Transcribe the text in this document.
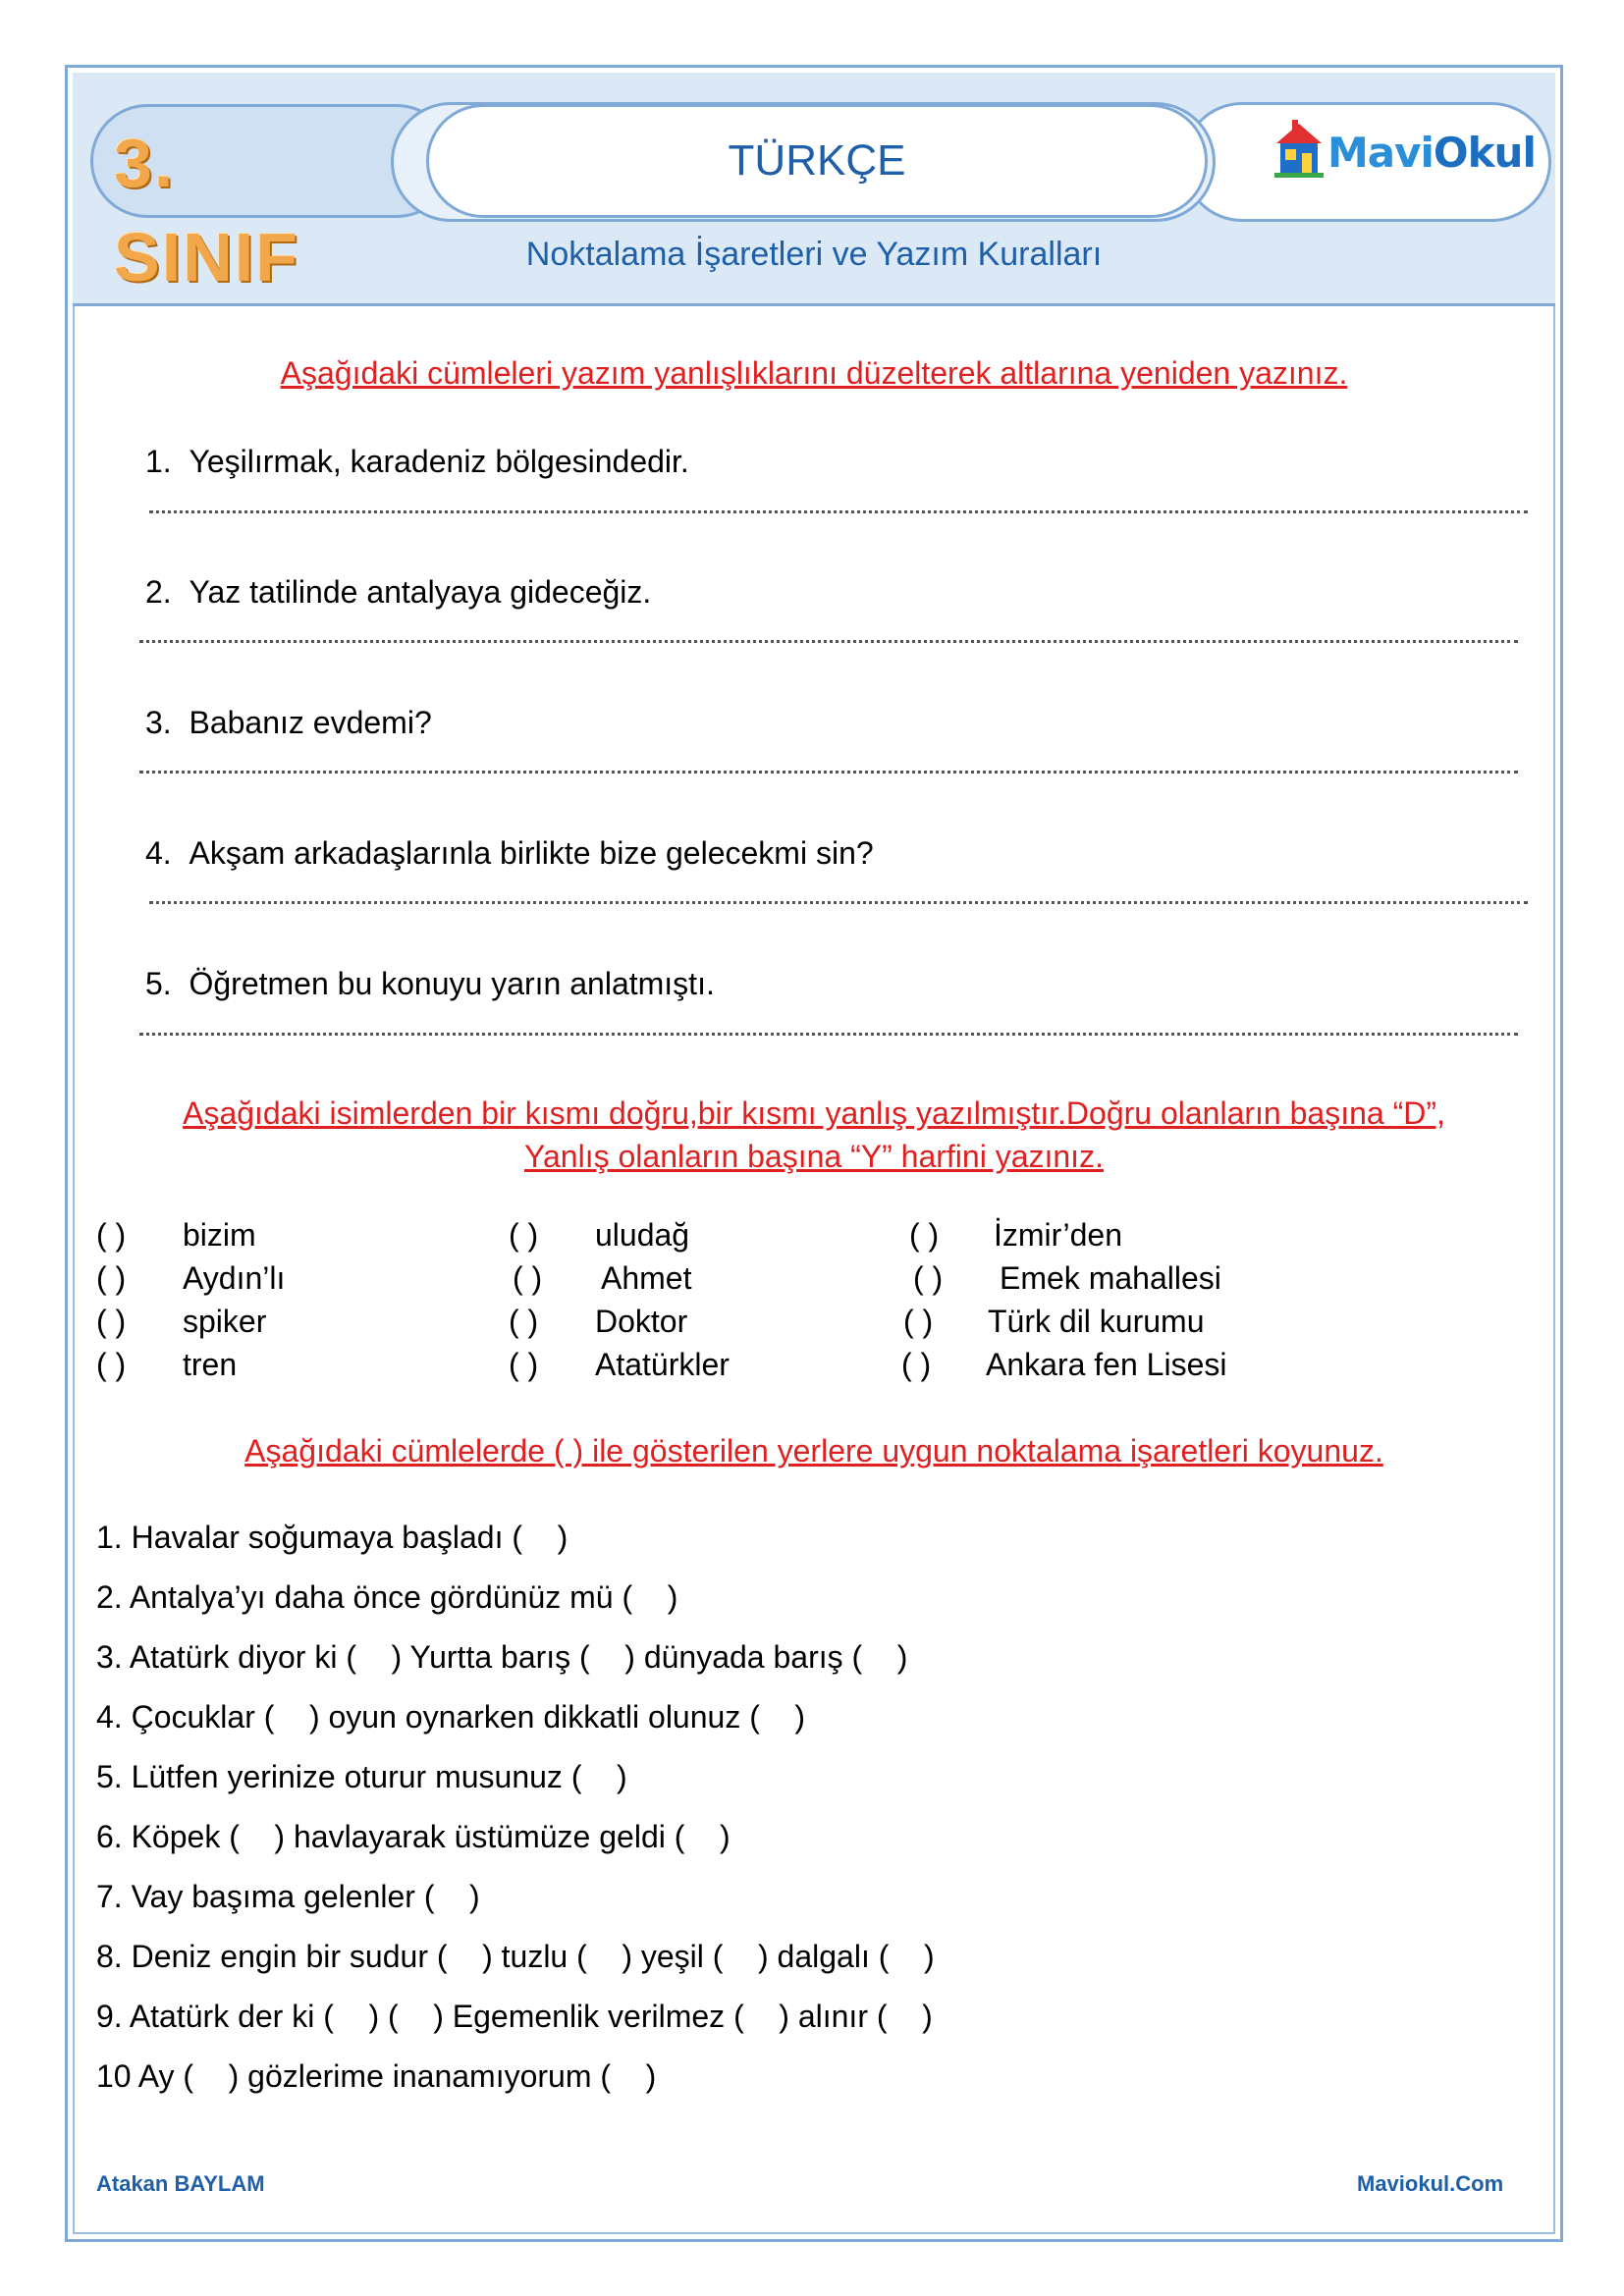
3. SINIF
TÜRKÇE	MaviOkul
Noktalama İşaretleri ve Yazım Kuralları
Aşağıdaki cümleleri yazım yanlışlıklarını düzelterek altlarına yeniden yazınız.
1. Yeşilırmak, karadeniz bölgesindedir.
2. Yaz tatilinde antalyaya gideceğiz.
3. Babanız evdemi?
4. Akşam arkadaşlarınla birlikte bize gelecekmi sin?
5. Öğretmen bu konuyu yarın anlatmıştı.
Aşağıdaki isimlerden bir kısmı doğru,bir kısmı yanlış yazılmıştır.Doğru olanların başına “D”,
Yanlış olanların başına “Y” harfini yazınız.
( ) bizim
( ) Aydın’lı
( ) spiker
( ) tren
( ) uludağ
( ) Ahmet
( ) Doktor
( ) Atatürkler
( ) İzmir’den
( ) Emek mahallesi
( ) Türk dil kurumu
( ) Ankara fen Lisesi
Aşağıdaki cümlelerde ( ) ile gösterilen yerlere uygun noktalama işaretleri koyunuz.
1. Havalar soğumaya başladı (    )
2. Antalya’yı daha önce gördünüz mü (    )
3. Atatürk diyor ki (    ) Yurtta barış (    ) dünyada barış (    )
4. Çocuklar (    ) oyun oynarken dikkatli olunuz (    )
5. Lütfen yerinize oturur musunuz (    )
6. Köpek (    ) havlayarak üstümüze geldi (    )
7. Vay başıma gelenler (    )
8. Deniz engin bir sudur (    ) tuzlu (    ) yeşil (    ) dalgalı (    )
9. Atatürk der ki (    ) (    ) Egemenlik verilmez (    ) alınır (    )
10 Ay (    ) gözlerime inanamıyorum (    )
Atakan BAYLAM	Maviokul.Com
